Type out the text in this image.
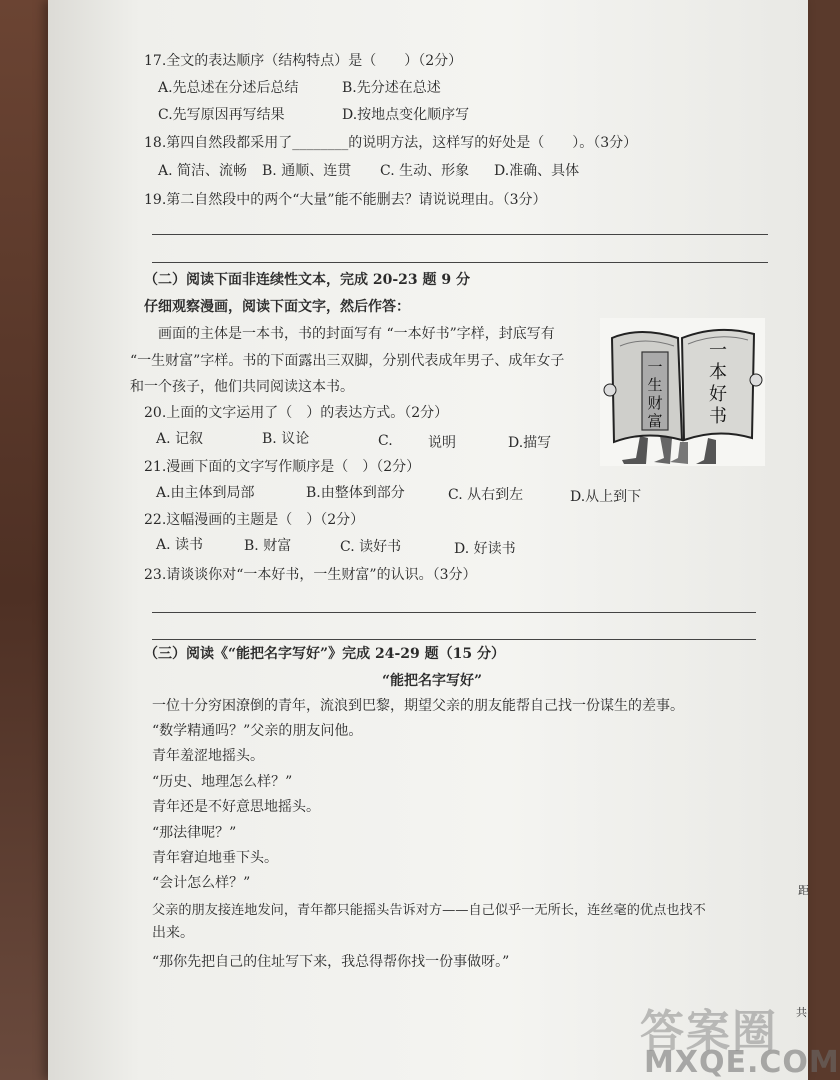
17.全文的表达顺序（结构特点）是（　　）（2分）
A.先总述在分述后总结	B.先分述在总述
C.先写原因再写结果	D.按地点变化顺序写
18.第四自然段都采用了________的说明方法，这样写的好处是（　　）。（3分）
A. 简洁、流畅 B. 通顺、连贯 C. 生动、形象 D.准确、具体
19.第二自然段中的两个“大量”能不能删去？请说说理由。（3分）
（二）阅读下面非连续性文本，完成 20-23 题 9 分
仔细观察漫画，阅读下面文字，然后作答：
画面的主体是一本书，书的封面写有 “一本好书”字样，封底写有
“一生财富”字样。书的下面露出三双脚，分别代表成年男子、成年女子
和一个孩子，他们共同阅读这本书。
20.上面的文字运用了（　）的表达方式。（2分）
A. 记叙	B. 议论	C.	说明	D.描写
21.漫画下面的文字写作顺序是（　）（2分）
A.由主体到局部	B.由整体到部分	C. 从右到左	D.从上到下
22.这幅漫画的主题是（　）（2分）
A. 读书	B. 财富	C. 读好书	D. 好读书
23.请谈谈你对“一本好书，一生财富”的认识。（3分）
（三）阅读《“能把名字写好”》完成 24-29 题（15 分）
“能把名字写好”
一位十分穷困潦倒的青年，流浪到巴黎，期望父亲的朋友能帮自己找一份谋生的差事。
“数学精通吗？”父亲的朋友问他。
青年羞涩地摇头。
“历史、地理怎么样？”
青年还是不好意思地摇头。
“那法律呢？”
青年窘迫地垂下头。
“会计怎么样？”
父亲的朋友接连地发问，青年都只能摇头告诉对方——自己似乎一无所长，连丝毫的优点也找不
出来。
“那你先把自己的住址写下来，我总得帮你找一份事做呀。”
一
生
财
富
一
本
好
书
距
共
答案圈
MXQE.COM
